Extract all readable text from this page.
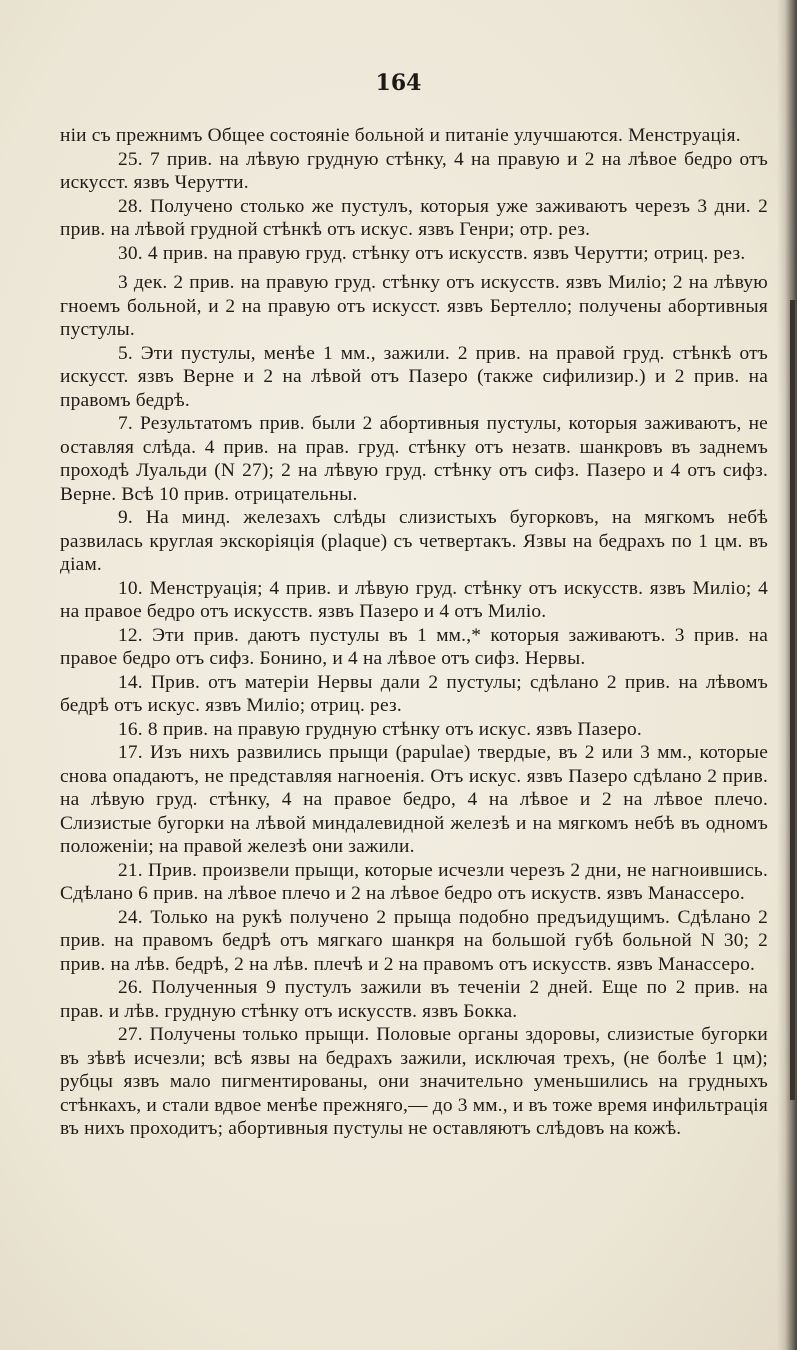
164

нiи съ прежнимъ Общее состоянiе больной и питанiе улучшаются. Менструацiя.

25. 7 прив. на лѣвую грудную стѣнку, 4 на правую и 2 на лѣвое бедро отъ искусст. язвъ Черутти.

28. Получено столько же пустулъ, которыя уже заживаютъ черезъ 3 дни. 2 прив. на лѣвой грудной стѣнкѣ отъ искус. язвъ Генри; отр. рез.

30. 4 прив. на правую груд. стѣнку отъ искусств. язвъ Черутти; отриц. рез.

3 дек. 2 прив. на правую груд. стѣнку отъ искусств. язвъ Милiо; 2 на лѣвую гноемъ больной, и 2 на правую отъ искусст. язвъ Бертелло; получены абортивныя пустулы.

5. Эти пустулы, менѣе 1 мм., зажили. 2 прив. на правой груд. стѣнкѣ отъ искусст. язвъ Верне и 2 на лѣвой отъ Пазеро (также сифилизир.) и 2 прив. на правомъ бедрѣ.

7. Результатомъ прив. были 2 абортивныя пустулы, которыя заживаютъ, не оставляя слѣда. 4 прив. на прав. груд. стѣнку отъ незатв. шанкровъ въ заднемъ проходѣ Луальди (N 27); 2 на лѣвую груд. стѣнку отъ сифз. Пазеро и 4 отъ сифз. Верне. Всѣ 10 прив. отрицательны.

9. На минд. железахъ слѣды слизистыхъ бугорковъ, на мягкомъ небѣ развилась круглая экскорiяцiя (plaque) съ четвертакъ. Язвы на бедрахъ по 1 цм. въ дiам.

10. Менструацiя; 4 прив. и лѣвую груд. стѣнку отъ искусств. язвъ Милiо; 4 на правое бедро отъ искусств. язвъ Пазеро и 4 отъ Милiо.

12. Эти прив. даютъ пустулы въ 1 мм.,* которыя заживаютъ. 3 прив. на правое бедро отъ сифз. Бонино, и 4 на лѣвое отъ сифз. Нервы.

14. Прив. отъ матерiи Нервы дали 2 пустулы; сдѣлано 2 прив. на лѣвомъ бедрѣ отъ искус. язвъ Милiо; отриц. рез.

16. 8 прив. на правую грудную стѣнку отъ искус. язвъ Пазеро.

17. Изъ нихъ развились прыщи (papulae) твердые, въ 2 или 3 мм., которые снова опадаютъ, не представляя нагноенiя. Отъ искус. язвъ Пазеро сдѣлано 2 прив. на лѣвую груд. стѣнку, 4 на правое бедро, 4 на лѣвое и 2 на лѣвое плечо. Слизистые бугорки на лѣвой миндалевидной железѣ и на мягкомъ небѣ въ одномъ положенiи; на правой железѣ они зажили.

21. Прив. произвели прыщи, которые исчезли черезъ 2 дни, не нагноившись. Сдѣлано 6 прив. на лѣвое плечо и 2 на лѣвое бедро отъ искуств. язвъ Манассеро.

24. Только на рукѣ получено 2 прыща подобно предъидущимъ. Сдѣлано 2 прив. на правомъ бедрѣ отъ мягкаго шанкря на большой губѣ больной N 30; 2 прив. на лѣв. бедрѣ, 2 на лѣв. плечѣ и 2 на правомъ отъ искусств. язвъ Манассеро.

26. Полученныя 9 пустулъ зажили въ теченiи 2 дней. Еще по 2 прив. на прав. и лѣв. грудную стѣнку отъ искусств. язвъ Бокка.

27. Получены только прыщи. Половые органы здоровы, слизистые бугорки въ зѣвѣ исчезли; всѣ язвы на бедрахъ зажили, исключая трехъ, (не болѣе 1 цм); рубцы язвъ мало пигментированы, они значительно уменьшились на грудныхъ стѣнкахъ, и стали вдвое менѣе прежняго,— до 3 мм., и въ тоже время инфильтрацiя въ нихъ проходитъ; абортивныя пустулы не оставляютъ слѣдовъ на кожѣ.
